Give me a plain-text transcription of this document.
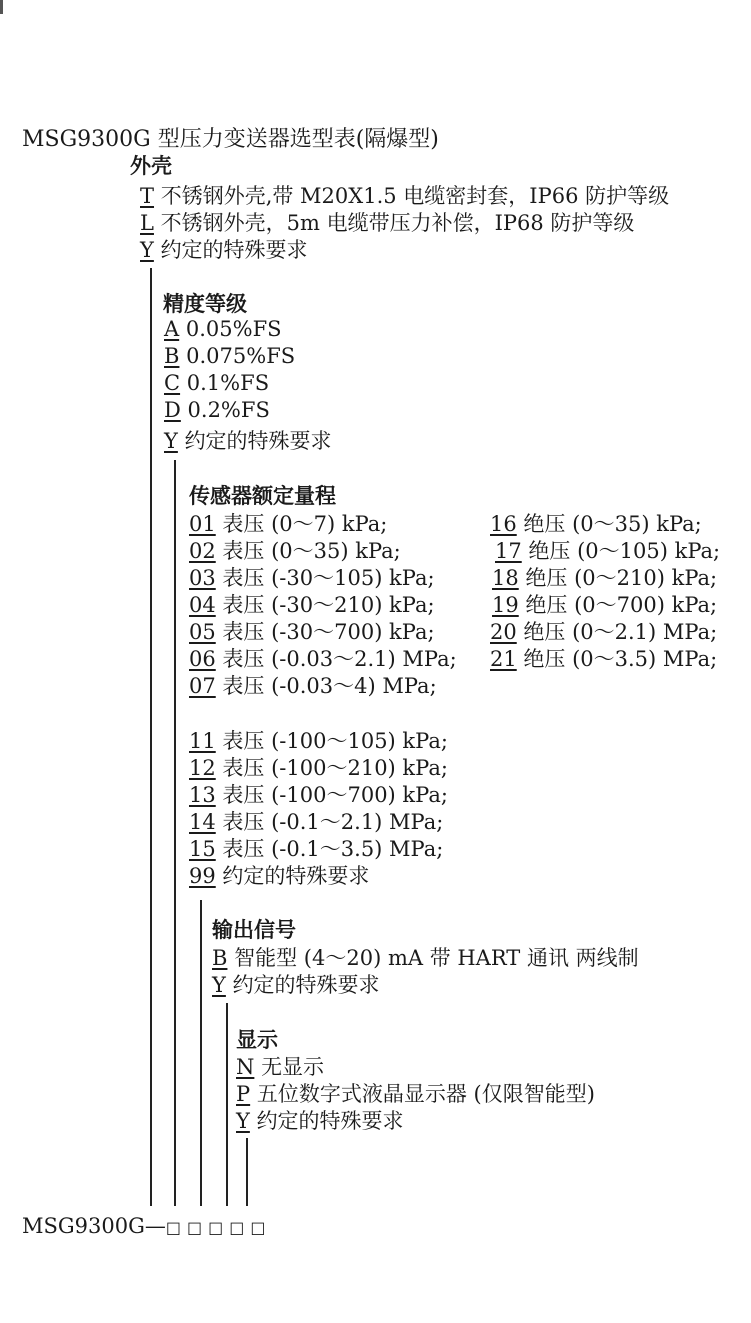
MSG9300G 型压力变送器选型表(隔爆型)
外壳
T 不锈钢外壳,带 M20X1.5 电缆密封套，IP66 防护等级
L 不锈钢外壳，5m 电缆带压力补偿，IP68 防护等级
Y 约定的特殊要求
精度等级
A 0.05%FS
B 0.075%FS
C 0.1%FS
D 0.2%FS
Y 约定的特殊要求
传感器额定量程
01 表压 (0～7) kPa;
02 表压 (0～35) kPa;
03 表压 (-30～105) kPa;
04 表压 (-30～210) kPa;
05 表压 (-30～700) kPa;
06 表压 (-0.03～2.1) MPa;
07 表压 (-0.03～4) MPa;
16 绝压 (0～35) kPa;
17 绝压 (0～105) kPa;
18 绝压 (0～210) kPa;
19 绝压 (0～700) kPa;
20 绝压 (0～2.1) MPa;
21 绝压 (0～3.5) MPa;
11 表压 (-100～105) kPa;
12 表压 (-100～210) kPa;
13 表压 (-100～700) kPa;
14 表压 (-0.1～2.1) MPa;
15 表压 (-0.1～3.5) MPa;
99 约定的特殊要求
输出信号
B 智能型 (4～20) mA 带 HART 通讯 两线制
Y 约定的特殊要求
显示
N 无显示
P 五位数字式液晶显示器 (仅限智能型)
Y 约定的特殊要求
MSG9300G—□□□□□
